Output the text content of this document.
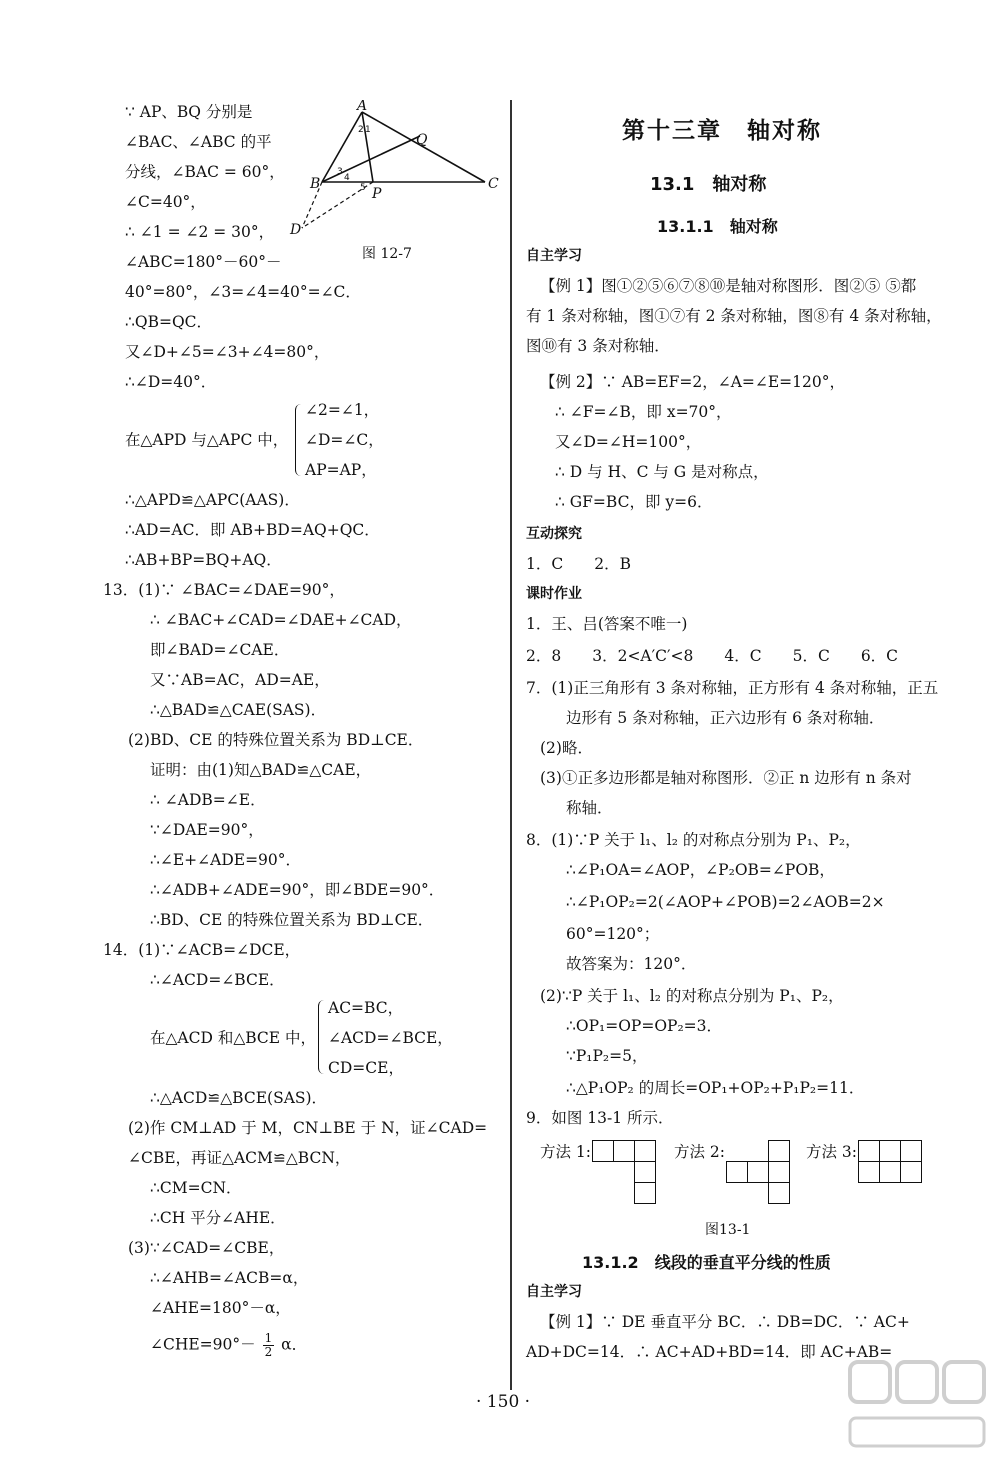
∵ AP、BQ 分别是
∠BAC、∠ABC 的平
分线，∠BAC = 60°，
∠C=40°，
∴ ∠1 = ∠2 = 30°，
∠ABC=180°－60°－
A
B	C
D
P
Q
1
2
3
4
5
图 12-7
40°=80°，∠3=∠4=40°=∠C．
∴QB=QC．
又∠D+∠5=∠3+∠4=80°，
∴∠D=40°．
在△APD 与△APC 中，
∠2=∠1，
∠D=∠C，
AP=AP，
∴△APD≌△APC(AAS)．
∴AD=AC．即 AB+BD=AQ+QC．
∴AB+BP=BQ+AQ．
13．(1)∵ ∠BAC=∠DAE=90°，
∴ ∠BAC+∠CAD=∠DAE+∠CAD，
即∠BAD=∠CAE．
又∵AB=AC，AD=AE，
∴△BAD≌△CAE(SAS)．
(2)BD、CE 的特殊位置关系为 BD⊥CE．
证明：由(1)知△BAD≌△CAE，
∴ ∠ADB=∠E．
∵∠DAE=90°，
∴∠E+∠ADE=90°．
∴∠ADB+∠ADE=90°，即∠BDE=90°．
∴BD、CE 的特殊位置关系为 BD⊥CE．
14．(1)∵∠ACB=∠DCE，
∴∠ACD=∠BCE．
在△ACD 和△BCE 中，
AC=BC，
∠ACD=∠BCE，
CD=CE，
∴△ACD≌△BCE(SAS)．
(2)作 CM⊥AD 于 M，CN⊥BE 于 N，证∠CAD=
∠CBE，再证△ACM≌△BCN，
∴CM=CN．
∴CH 平分∠AHE．
(3)∵∠CAD=∠CBE，
∴∠AHB=∠ACB=α，
∠AHE=180°－α，
∠CHE=90°－ $\frac{1}{2}$ α．
第十三章　轴对称
13.1　轴对称
13.1.1　轴对称
自主学习
【例 1】图①②⑤⑥⑦⑧⑩是轴对称图形．图②⑤ ⑤都
有 1 条对称轴，图①⑦有 2 条对称轴，图⑧有 4 条对称轴，
图⑩有 3 条对称轴．
【例 2】∵ AB=EF=2，∠A=∠E=120°，
∴ ∠F=∠B，即 x=70°，
又∠D=∠H=100°，
∴ D 与 H、C 与 G 是对称点，
∴ GF=BC，即 y=6．
互动探究
1．C　　2．B
课时作业
1．王、吕(答案不唯一)
2．8　　3．2<A′C′<8　　4．C　　5．C　　6．C
7．(1)正三角形有 3 条对称轴，正方形有 4 条对称轴，正五
边形有 5 条对称轴，正六边形有 6 条对称轴．
(2)略．
(3)①正多边形都是轴对称图形．②正 n 边形有 n 条对
称轴．
8．(1)∵P 关于 l₁、l₂ 的对称点分别为 P₁、P₂，
∴∠P₁OA=∠AOP，∠P₂OB=∠POB，
∴∠P₁OP₂=2(∠AOP+∠POB)=2∠AOB=2×
60°=120°；
故答案为：120°．
(2)∵P 关于 l₁、l₂ 的对称点分别为 P₁、P₂，
∴OP₁=OP=OP₂=3．
∵P₁P₂=5，
∴△P₁OP₂ 的周长=OP₁+OP₂+P₁P₂=11．
9．如图 13-1 所示．
方法 1:	方法 2:	方法 3:
图13-1
13.1.2　线段的垂直平分线的性质
自主学习
【例 1】∵ DE 垂直平分 BC．∴ DB=DC．∵ AC+
AD+DC=14．∴ AC+AD+BD=14．即 AC+AB=
· 150 ·
